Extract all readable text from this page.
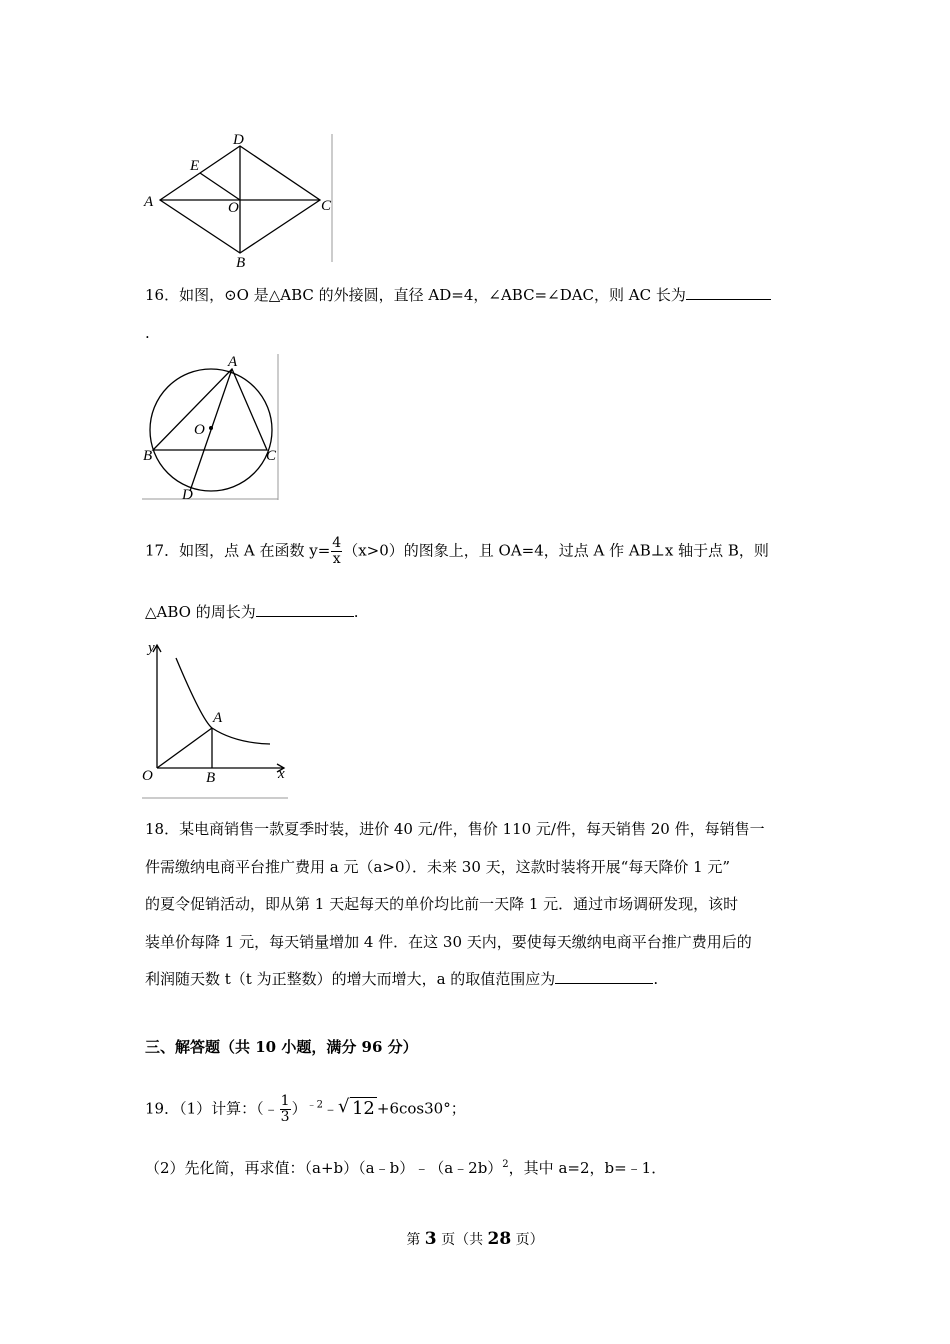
D
E
A	O	C
B
16．如图，⊙O 是△ABC 的外接圆，直径 AD=4，∠ABC=∠DAC，则 AC 长为
.
A
O
B	C
D
17．如图，点 A 在函数 $y= \frac{4}{x} (x>0)$的图象上，且 OA=4，过点 A 作 AB⊥x 轴于点 B，则
△ABO 的周长为	.
y
A
O	B	x
18．某电商销售一款夏季时装，进价 40 元/件，售价 110 元/件，每天销售 20 件，每销售一
件需缴纳电商平台推广费用 a 元（a>0）．未来 30 天，这款时装将开展“每天降价 1 元”
的夏令促销活动，即从第 1 天起每天的单价均比前一天降 1 元．通过市场调研发现，该时
装单价每降 1 元，每天销量增加 4 件．在这 30 天内，要使每天缴纳电商平台推广费用后的
利润随天数 t（t 为正整数）的增大而增大，a 的取值范围应为	.
三、解答题（共 10 小题，满分 96 分）
19．（1）计算：（﹣ $\frac{1}{3}$ ）$^{﹣2}$﹣√ 12 +6cos30°；
（2）先化简，再求值：（a+b）（a﹣b）﹣（a﹣2b）$^2$，其中 a=2，b=﹣1．
第 3 页（共 28 页）
